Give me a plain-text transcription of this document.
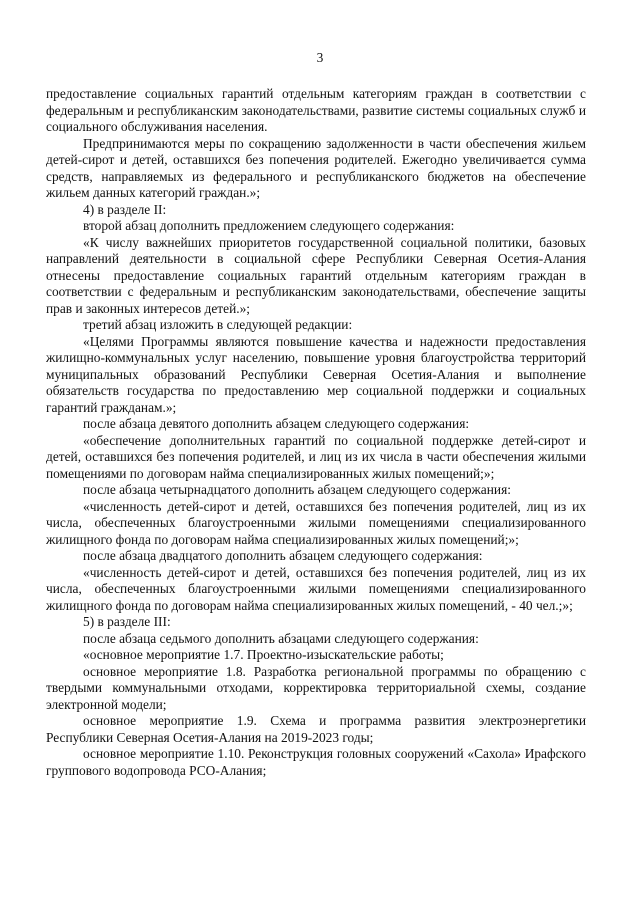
3

предоставление социальных гарантий отдельным категориям граждан в соответствии с федеральным и республиканским законодательствами, развитие системы социальных служб и социального обслуживания населения.

Предпринимаются меры по сокращению задолженности в части обеспечения жильем детей-сирот и детей, оставшихся без попечения родителей. Ежегодно увеличивается сумма средств, направляемых из федерального и республиканского бюджетов на обеспечение жильем данных категорий граждан.»;

4) в разделе II:

второй абзац дополнить предложением следующего содержания:

«К числу важнейших приоритетов государственной социальной политики, базовых направлений деятельности в социальной сфере Республики Северная Осетия-Алания отнесены предоставление социальных гарантий отдельным категориям граждан в соответствии с федеральным и республиканским законодательствами, обеспечение защиты прав и законных интересов детей.»;

третий абзац изложить в следующей редакции:

«Целями Программы являются повышение качества и надежности предоставления жилищно-коммунальных услуг населению, повышение уровня благоустройства территорий муниципальных образований Республики Северная Осетия-Алания и выполнение обязательств государства по предоставлению мер социальной поддержки и социальных гарантий гражданам.»;

после абзаца девятого дополнить абзацем следующего содержания:

«обеспечение дополнительных гарантий по социальной поддержке детей-сирот и детей, оставшихся без попечения родителей, и лиц из их числа в части обеспечения жилыми помещениями по договорам найма специализированных жилых помещений;»;

после абзаца четырнадцатого дополнить абзацем следующего содержания:

«численность детей-сирот и детей, оставшихся без попечения родителей, лиц из их числа, обеспеченных благоустроенными жилыми помещениями специализированного жилищного фонда по договорам найма специализированных жилых помещений;»;

после абзаца двадцатого дополнить абзацем следующего содержания:

«численность детей-сирот и детей, оставшихся без попечения родителей, лиц из их числа, обеспеченных благоустроенными жилыми помещениями специализированного жилищного фонда по договорам найма специализированных жилых помещений, - 40 чел.;»;

5) в разделе III:

после абзаца седьмого дополнить абзацами следующего содержания:

«основное мероприятие 1.7. Проектно-изыскательские работы;

основное мероприятие 1.8. Разработка региональной программы по обращению с твердыми коммунальными отходами, корректировка территориальной схемы, создание электронной модели;

основное мероприятие 1.9. Схема и программа развития электроэнергетики Республики Северная Осетия-Алания на 2019-2023 годы;

основное мероприятие 1.10. Реконструкция головных сооружений «Сахола» Ирафского группового водопровода РСО-Алания;
